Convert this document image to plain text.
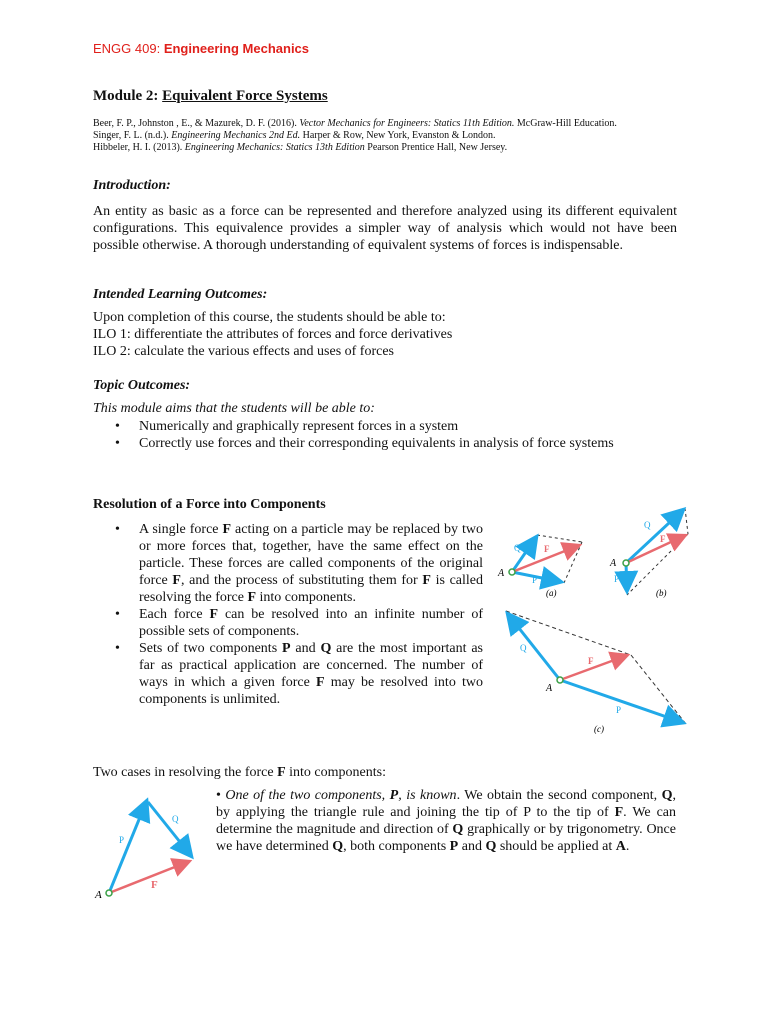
ENGG 409: Engineering Mechanics
Module 2: Equivalent Force Systems

Beer, F. P., Johnston , E., & Mazurek, D. F. (2016). Vector Mechanics for Engineers: Statics 11th Edition. McGraw-Hill Education.

Singer, F. L. (n.d.). Engineering Mechanics 2nd Ed. Harper & Row, New York, Evanston & London.

Hibbeler, H. I. (2013). Engineering Mechanics: Statics 13th Edition Pearson Prentice Hall, New Jersey.

Introduction:
An entity as basic as a force can be represented and therefore analyzed using its different equivalent configurations. This equivalence provides a simpler way of analysis which would not have been possible otherwise. A thorough understanding of equivalent systems of forces is indispensable.
Intended Learning Outcomes:
Upon completion of this course, the students should be able to:
ILO 1: differentiate the attributes of forces and force derivatives
ILO 2: calculate the various effects and uses of forces
Topic Outcomes:
This module aims that the students will be able to:
• Numerically and graphically represent forces in a system
• Correctly use forces and their corresponding equivalents in analysis of force systems
Resolution of a Force into Components
• A single force F acting on a particle may be replaced by two or more forces that, together, have the same effect on the particle. These forces are called components of the original force F, and the process of substituting them for F is called resolving the force F into components.
• Each force F can be resolved into an infinite number of possible sets of components.
• Sets of two components P and Q are the most important as far as practical application are concerned. The number of ways in which a given force F may be resolved into two components is unlimited.
A
Q	F
P
(a)
A
Q
F
P
(b)
A
Q
F
P
(c)
Two cases in resolving the force F into components:
A
P
Q
F
• One of the two components, P, is known. We obtain the second component, Q, by applying the triangle rule and joining the tip of P to the tip of F. We can determine the magnitude and direction of Q graphically or by trigonometry. Once we have determined Q, both components P and Q should be applied at A.
